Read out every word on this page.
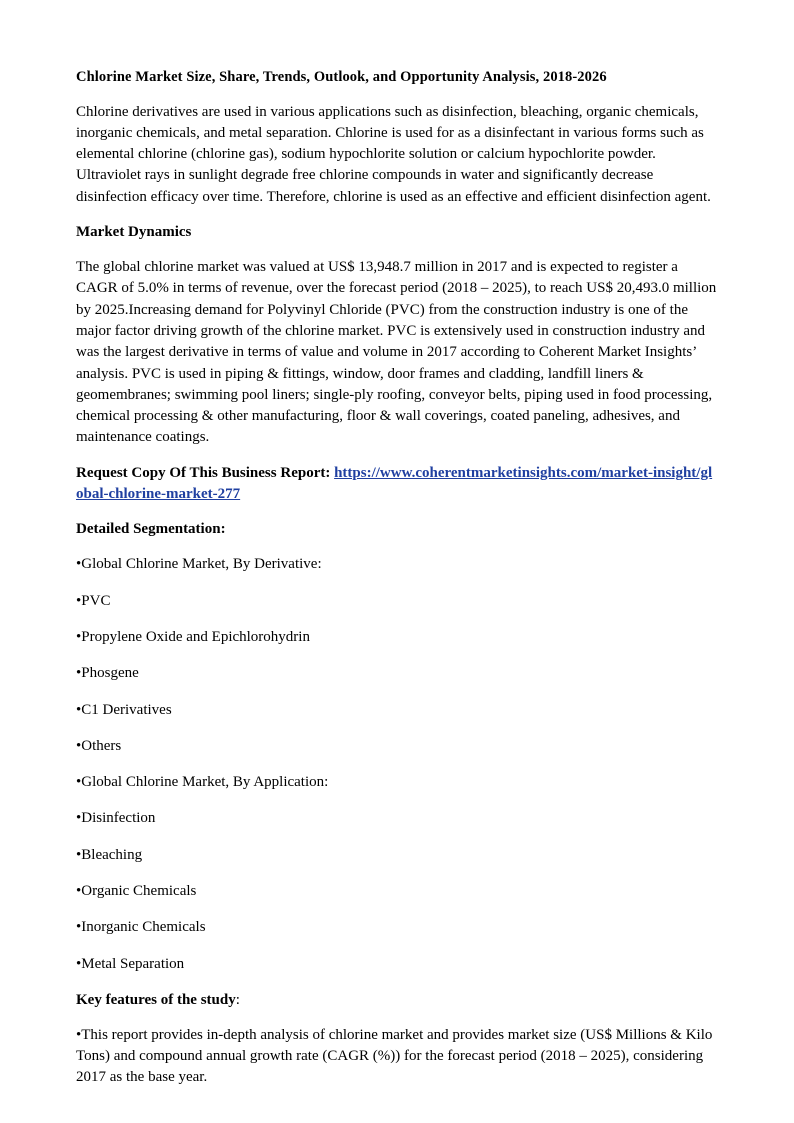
Chlorine Market Size, Share, Trends, Outlook, and Opportunity Analysis, 2018-2026

Chlorine derivatives are used in various applications such as disinfection, bleaching, organic chemicals, inorganic chemicals, and metal separation. Chlorine is used for as a disinfectant in various forms such as elemental chlorine (chlorine gas), sodium hypochlorite solution or calcium hypochlorite powder. Ultraviolet rays in sunlight degrade free chlorine compounds in water and significantly decrease disinfection efficacy over time. Therefore, chlorine is used as an effective and efficient disinfection agent.

Market Dynamics

The global chlorine market was valued at US$ 13,948.7 million in 2017 and is expected to register a CAGR of 5.0% in terms of revenue, over the forecast period (2018 – 2025), to reach US$ 20,493.0 million by 2025.Increasing demand for Polyvinyl Chloride (PVC) from the construction industry is one of the major factor driving growth of the chlorine market. PVC is extensively used in construction industry and was the largest derivative in terms of value and volume in 2017 according to Coherent Market Insights’ analysis. PVC is used in piping & fittings, window, door frames and cladding, landfill liners & geomembranes; swimming pool liners; single-ply roofing, conveyor belts, piping used in food processing, chemical processing & other manufacturing, floor & wall coverings, coated paneling, adhesives, and maintenance coatings.

Request Copy Of This Business Report: https://www.coherentmarketinsights.com/market-insight/global-chlorine-market-277

Detailed Segmentation:
•Global Chlorine Market, By Derivative:
•PVC
•Propylene Oxide and Epichlorohydrin
•Phosgene
•C1 Derivatives
•Others
•Global Chlorine Market, By Application:
•Disinfection
•Bleaching
•Organic Chemicals
•Inorganic Chemicals
•Metal Separation
Key features of the study:

•This report provides in-depth analysis of chlorine market and provides market size (US$ Millions & Kilo Tons) and compound annual growth rate (CAGR (%)) for the forecast period (2018 – 2025), considering 2017 as the base year.
